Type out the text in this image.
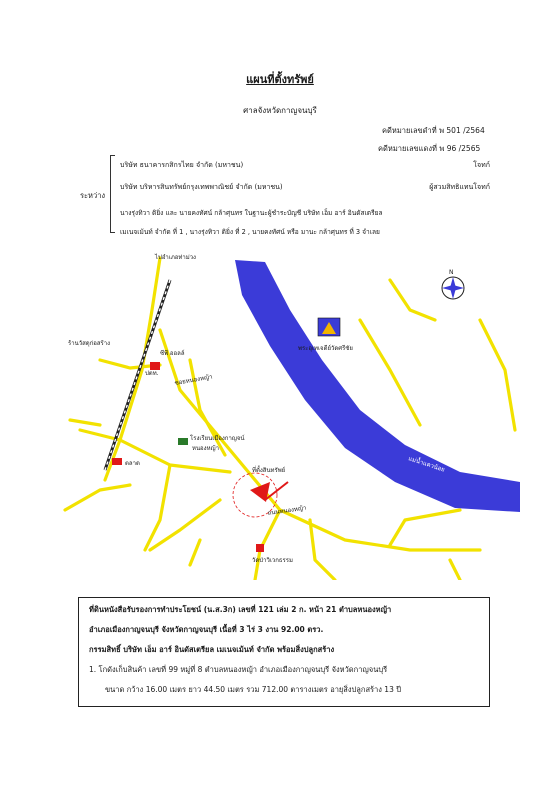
แผนที่ตั้งทรัพย์
ศาลจังหวัดกาญจนบุรี
คดีหมายเลขดำที่ พ 501 /2564
คดีหมายเลขแดงที่ พ 96 /2565
ระหว่าง
บริษัท ธนาคารกสิกรไทย จำกัด (มหาชน)	โจทก์
บริษัท บริหารสินทรัพย์กรุงเทพพาณิชย์ จำกัด (มหาชน)	ผู้สวมสิทธิแทนโจทก์
นางรุ่งทิวา ติยิ่ง และ นายคงทัศน์ กล้าศุนทร ในฐานะผู้ชำระบัญชี บริษัท เอ็ม อาร์ อินดัสเตรียล
เมเนจเม้นท์ จำกัด ที่ 1 , นางรุ่งทิวา ติยิ่ง ที่ 2 , นายคงทัศน์ หรือ มานะ กล้าศุนทร ที่ 3 จำเลย
ไปอำเภอท่าม่วง
พระอุเทเจดีย์วัดศรีชัย
แม่น้ำแควน้อย
ที่ตั้งสินทรัพย์
ร้านวัสดุก่อสร้าง
ซีพี ออลล์
ปตท.
โรงเรียนเมืองกาญจน์
หนองหญ้า
ตลาด
ซอยหนองหญ้า
ถนนหนองหญ้า
วัดป่าวิเวกธรรม
N
ที่ดินหนังสือรับรองการทำประโยชน์ (น.ส.3ก) เลขที่ 121 เล่ม 2 ก. หน้า 21 ตำบลหนองหญ้า
อำเภอเมืองกาญจนบุรี จังหวัดกาญจนบุรี เนื้อที่ 3 ไร่ 3 งาน 92.00 ตรว.
กรรมสิทธิ์ บริษัท เอ็ม อาร์ อินดัสเตรียล เมเนจเม้นท์ จำกัด พร้อมสิ่งปลูกสร้าง
1. โกดังเก็บสินค้า เลขที่ 99 หมู่ที่ 8 ตำบลหนองหญ้า อำเภอเมืองกาญจนบุรี จังหวัดกาญจนบุรี
ขนาด กว้าง 16.00 เมตร ยาว 44.50 เมตร รวม 712.00 ตารางเมตร อายุสิ่งปลูกสร้าง 13 ปี
